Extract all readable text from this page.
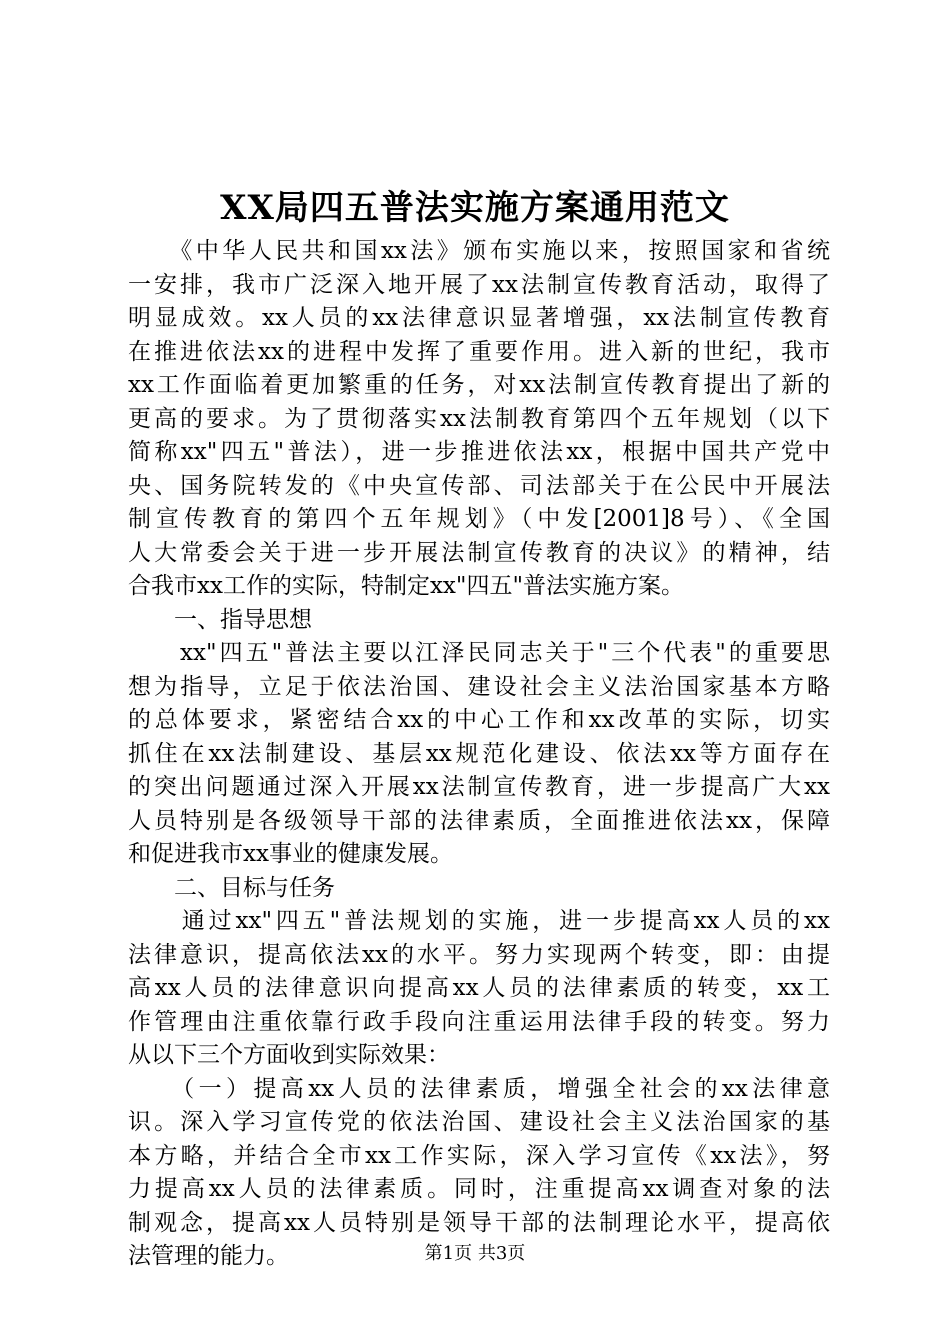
XX局四五普法实施方案通用范文
　　《中华人民共和国xx法》颁布实施以来，按照国家和省统
一安排，我市广泛深入地开展了xx法制宣传教育活动，取得了
明显成效。xx人员的xx法律意识显著增强，xx法制宣传教育
在推进依法xx的进程中发挥了重要作用。进入新的世纪，我市
xx工作面临着更加繁重的任务，对xx法制宣传教育提出了新的
更高的要求。为了贯彻落实xx法制教育第四个五年规划（以下
简称xx"四五"普法），进一步推进依法xx，根据中国共产党中
央、国务院转发的《中央宣传部、司法部关于在公民中开展法
制宣传教育的第四个五年规划》（中发[2001]8号）、《全国
人大常委会关于进一步开展法制宣传教育的决议》的精神，结
合我市xx工作的实际，特制定xx"四五"普法实施方案。
　　一、指导思想
　　xx"四五"普法主要以江泽民同志关于"三个代表"的重要思
想为指导，立足于依法治国、建设社会主义法治国家基本方略
的总体要求，紧密结合xx的中心工作和xx改革的实际，切实
抓住在xx法制建设、基层xx规范化建设、依法xx等方面存在
的突出问题通过深入开展xx法制宣传教育，进一步提高广大xx
人员特别是各级领导干部的法律素质，全面推进依法xx，保障
和促进我市xx事业的健康发展。
　　二、目标与任务
　　通过xx"四五"普法规划的实施，进一步提高xx人员的xx
法律意识，提高依法xx的水平。努力实现两个转变，即：由提
高xx人员的法律意识向提高xx人员的法律素质的转变，xx工
作管理由注重依靠行政手段向注重运用法律手段的转变。努力
从以下三个方面收到实际效果：
　　（一）提高xx人员的法律素质，增强全社会的xx法律意
识。深入学习宣传党的依法治国、建设社会主义法治国家的基
本方略，并结合全市xx工作实际，深入学习宣传《xx法》，努
力提高xx人员的法律素质。同时，注重提高xx调查对象的法
制观念，提高xx人员特别是领导干部的法制理论水平，提高依
法管理的能力。	第1页 共3页
